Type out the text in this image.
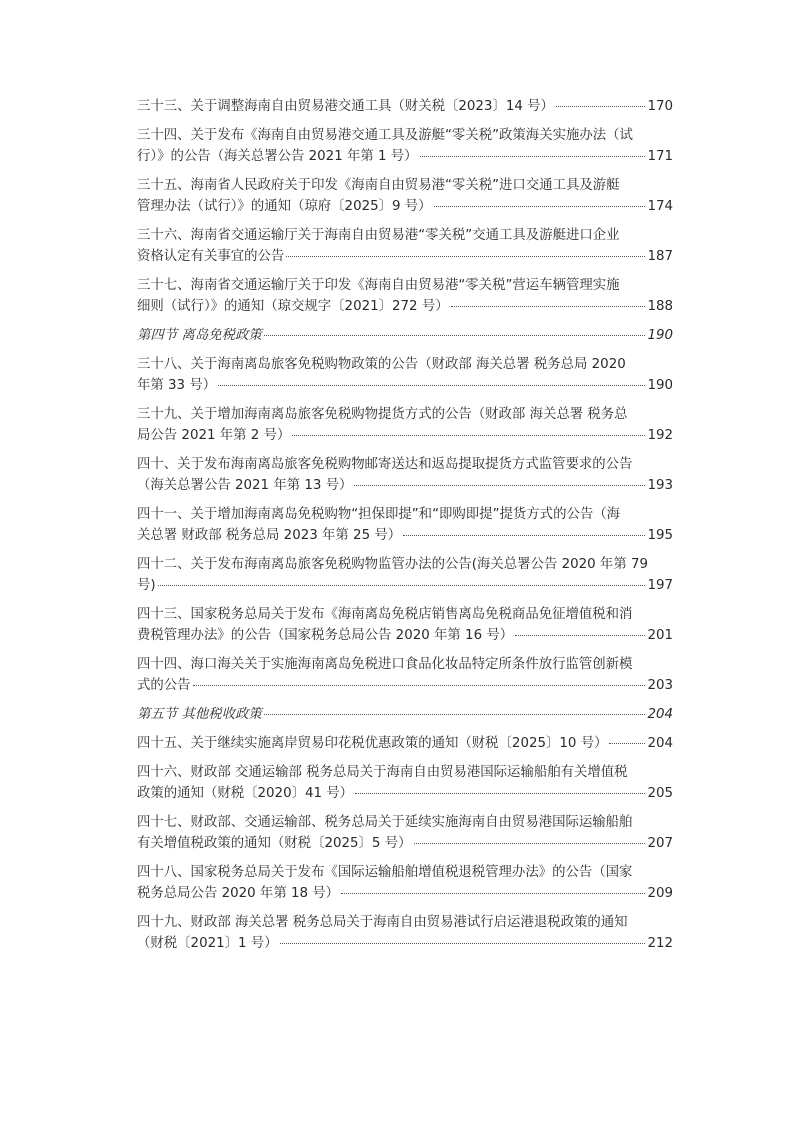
三十三、关于调整海南自由贸易港交通工具（财关税〔2023〕14 号）	170
三十四、关于发布《海南自由贸易港交通工具及游艇“零关税”政策海关实施办法（试
行）》的公告（海关总署公告 2021 年第 1 号）	171
三十五、海南省人民政府关于印发《海南自由贸易港“零关税”进口交通工具及游艇
管理办法（试行）》的通知（琼府〔2025〕9 号）	174
三十六、海南省交通运输厅关于海南自由贸易港“零关税”交通工具及游艇进口企业
资格认定有关事宜的公告	187
三十七、海南省交通运输厅关于印发《海南自由贸易港“零关税”营运车辆管理实施
细则（试行）》的通知（琼交规字〔2021〕272 号）	188
第四节 离岛免税政策	190
三十八、关于海南离岛旅客免税购物政策的公告（财政部 海关总署 税务总局 2020
年第 33 号）	190
三十九、关于增加海南离岛旅客免税购物提货方式的公告（财政部 海关总署 税务总
局公告 2021 年第 2 号）	192
四十、关于发布海南离岛旅客免税购物邮寄送达和返岛提取提货方式监管要求的公告
（海关总署公告 2021 年第 13 号）	193
四十一、关于增加海南离岛免税购物“担保即提”和“即购即提”提货方式的公告（海
关总署 财政部 税务总局 2023 年第 25 号）	195
四十二、关于发布海南离岛旅客免税购物监管办法的公告(海关总署公告 2020 年第 79
号)	197
四十三、国家税务总局关于发布《海南离岛免税店销售离岛免税商品免征增值税和消
费税管理办法》的公告（国家税务总局公告 2020 年第 16 号）	201
四十四、海口海关关于实施海南离岛免税进口食品化妆品特定所条件放行监管创新模
式的公告	203
第五节 其他税收政策	204
四十五、关于继续实施离岸贸易印花税优惠政策的通知（财税〔2025〕10 号）	204
四十六、财政部 交通运输部 税务总局关于海南自由贸易港国际运输船舶有关增值税
政策的通知（财税〔2020〕41 号）	205
四十七、财政部、交通运输部、税务总局关于延续实施海南自由贸易港国际运输船舶
有关增值税政策的通知（财税〔2025〕5 号）	207
四十八、国家税务总局关于发布《国际运输船舶增值税退税管理办法》的公告（国家
税务总局公告 2020 年第 18 号）	209
四十九、财政部 海关总署 税务总局关于海南自由贸易港试行启运港退税政策的通知
（财税〔2021〕1 号）	212
